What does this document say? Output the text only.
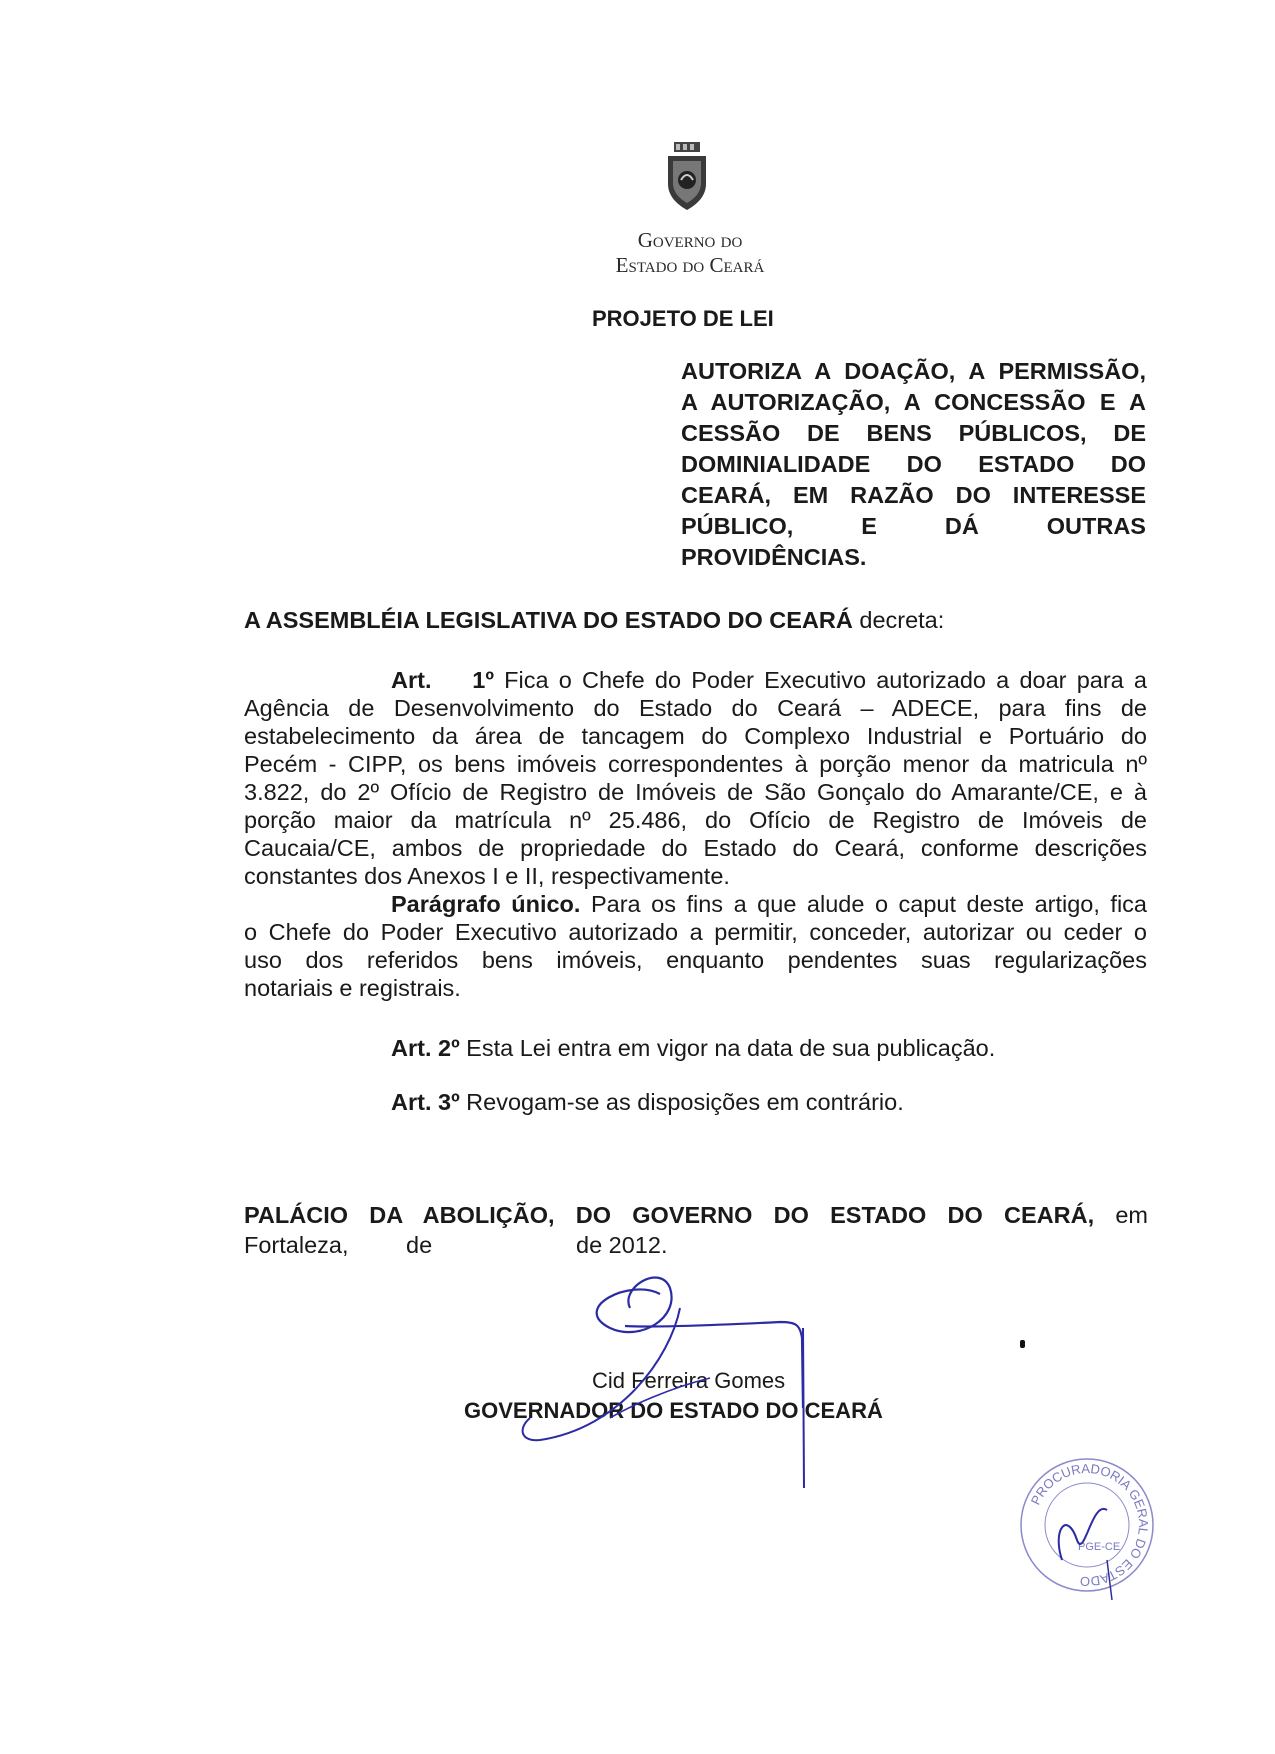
Governo do
Estado do Ceará
PROJETO DE LEI
AUTORIZA A DOAÇÃO, A PERMISSÃO,
A AUTORIZAÇÃO, A CONCESSÃO E A
CESSÃO DE BENS PÚBLICOS, DE
DOMINIALIDADE DO ESTADO DO
CEARÁ, EM RAZÃO DO INTERESSE
PÚBLICO, E DÁ OUTRAS
PROVIDÊNCIAS.
A ASSEMBLÉIA LEGISLATIVA DO ESTADO DO CEARÁ decreta:
Art.    1º Fica o Chefe do Poder Executivo autorizado a doar para a
Agência de Desenvolvimento do Estado do Ceará – ADECE, para fins de
estabelecimento da área de tancagem do Complexo Industrial e Portuário do
Pecém - CIPP, os bens imóveis correspondentes à porção menor da matricula nº
3.822, do 2º Ofício de Registro de Imóveis de São Gonçalo do Amarante/CE, e à
porção maior da matrícula nº 25.486, do Ofício de Registro de Imóveis de
Caucaia/CE, ambos de propriedade do Estado do Ceará, conforme descrições
constantes dos Anexos I e II, respectivamente.
Parágrafo único. Para os fins a que alude o caput deste artigo, fica
o Chefe do Poder Executivo autorizado a permitir, conceder, autorizar ou ceder o
uso dos referidos bens imóveis, enquanto pendentes suas regularizações
notariais e registrais.
Art. 2º Esta Lei entra em vigor na data de sua publicação.
Art. 3º Revogam-se as disposições em contrário.
PALÁCIO DA ABOLIÇÃO, DO GOVERNO DO ESTADO DO CEARÁ, em
Fortaleza, de	de 2012.
Cid Ferreira Gomes
GOVERNADOR DO ESTADO DO CEARÁ
PROCURADORIA GERAL DO ESTADO
PGE-CE
